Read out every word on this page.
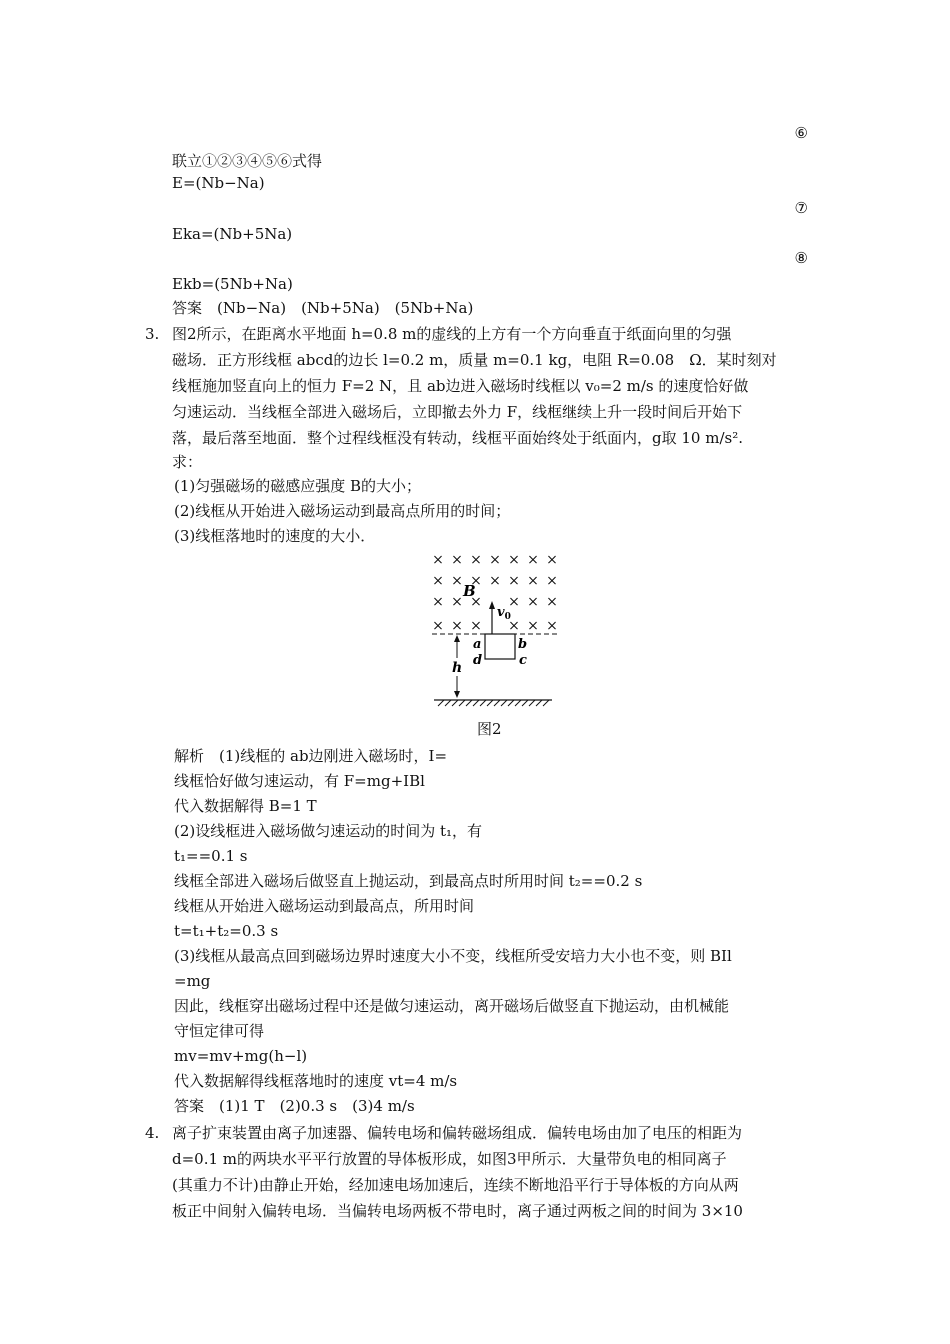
⑥
联立①②③④⑤⑥式得
E=(Nb−Na)
⑦
Eka=(Nb+5Na)
⑧
Ekb=(5Nb+Na)
答案　(Nb−Na)　(Nb+5Na)　(5Nb+Na)
3. 图2所示，在距离水平地面 h=0.8 m的虚线的上方有一个方向垂直于纸面向里的匀强
磁场．正方形线框 abcd的边长 l=0.2 m，质量 m=0.1 kg，电阻 R=0.08　Ω．某时刻对
线框施加竖直向上的恒力 F=2 N，且 ab边进入磁场时线框以 v₀=2 m/s 的速度恰好做
匀速运动．当线框全部进入磁场后，立即撤去外力 F，线框继续上升一段时间后开始下
落，最后落至地面．整个过程线框没有转动，线框平面始终处于纸面内，g取 10 m/s².
求：
(1)匀强磁场的磁感应强度 B的大小；
(2)线框从开始进入磁场运动到最高点所用的时间；
(3)线框落地时的速度的大小．
× × × × × × ×
× × × × × × ×
× × × × × ×
× × × × × ×
B
$v_0$
a	b
d	c
h
图2
解析　(1)线框的 ab边刚进入磁场时，I=
线框恰好做匀速运动，有 F=mg+IBl
代入数据解得 B=1 T
(2)设线框进入磁场做匀速运动的时间为 t₁，有
t₁==0.1 s
线框全部进入磁场后做竖直上抛运动，到最高点时所用时间 t₂==0.2 s
线框从开始进入磁场运动到最高点，所用时间
t=t₁+t₂=0.3 s
(3)线框从最高点回到磁场边界时速度大小不变，线框所受安培力大小也不变，则 BIl
=mg
因此，线框穿出磁场过程中还是做匀速运动，离开磁场后做竖直下抛运动，由机械能
守恒定律可得
mv=mv+mg(h−l)
代入数据解得线框落地时的速度 vt=4 m/s
答案　(1)1 T　(2)0.3 s　(3)4 m/s
4. 离子扩束装置由离子加速器、偏转电场和偏转磁场组成．偏转电场由加了电压的相距为
d=0.1 m的两块水平平行放置的导体板形成，如图3甲所示．大量带负电的相同离子
(其重力不计)由静止开始，经加速电场加速后，连续不断地沿平行于导体板的方向从两
板正中间射入偏转电场．当偏转电场两板不带电时，离子通过两板之间的时间为 3×10
